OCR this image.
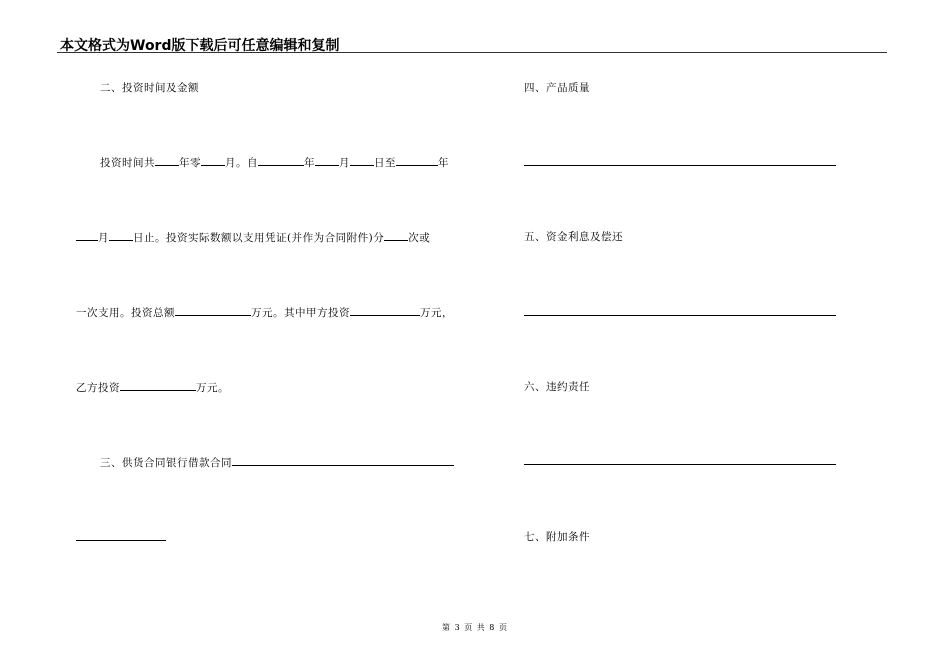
本文格式为Word版下载后可任意编辑和复制
二、投资时间及金额
投资时间共 年零 月。自	年 月 日至	年
月 日止。投资实际数额以支用凭证(并作为合同附件)分 次或
一次支用。投资总额	万元。其中甲方投资	万元，
乙方投资	万元。
三、供货合同银行借款合同
四、产品质量
五、资金利息及偿还
六、违约责任
七、附加条件
第 3 页 共 8 页
